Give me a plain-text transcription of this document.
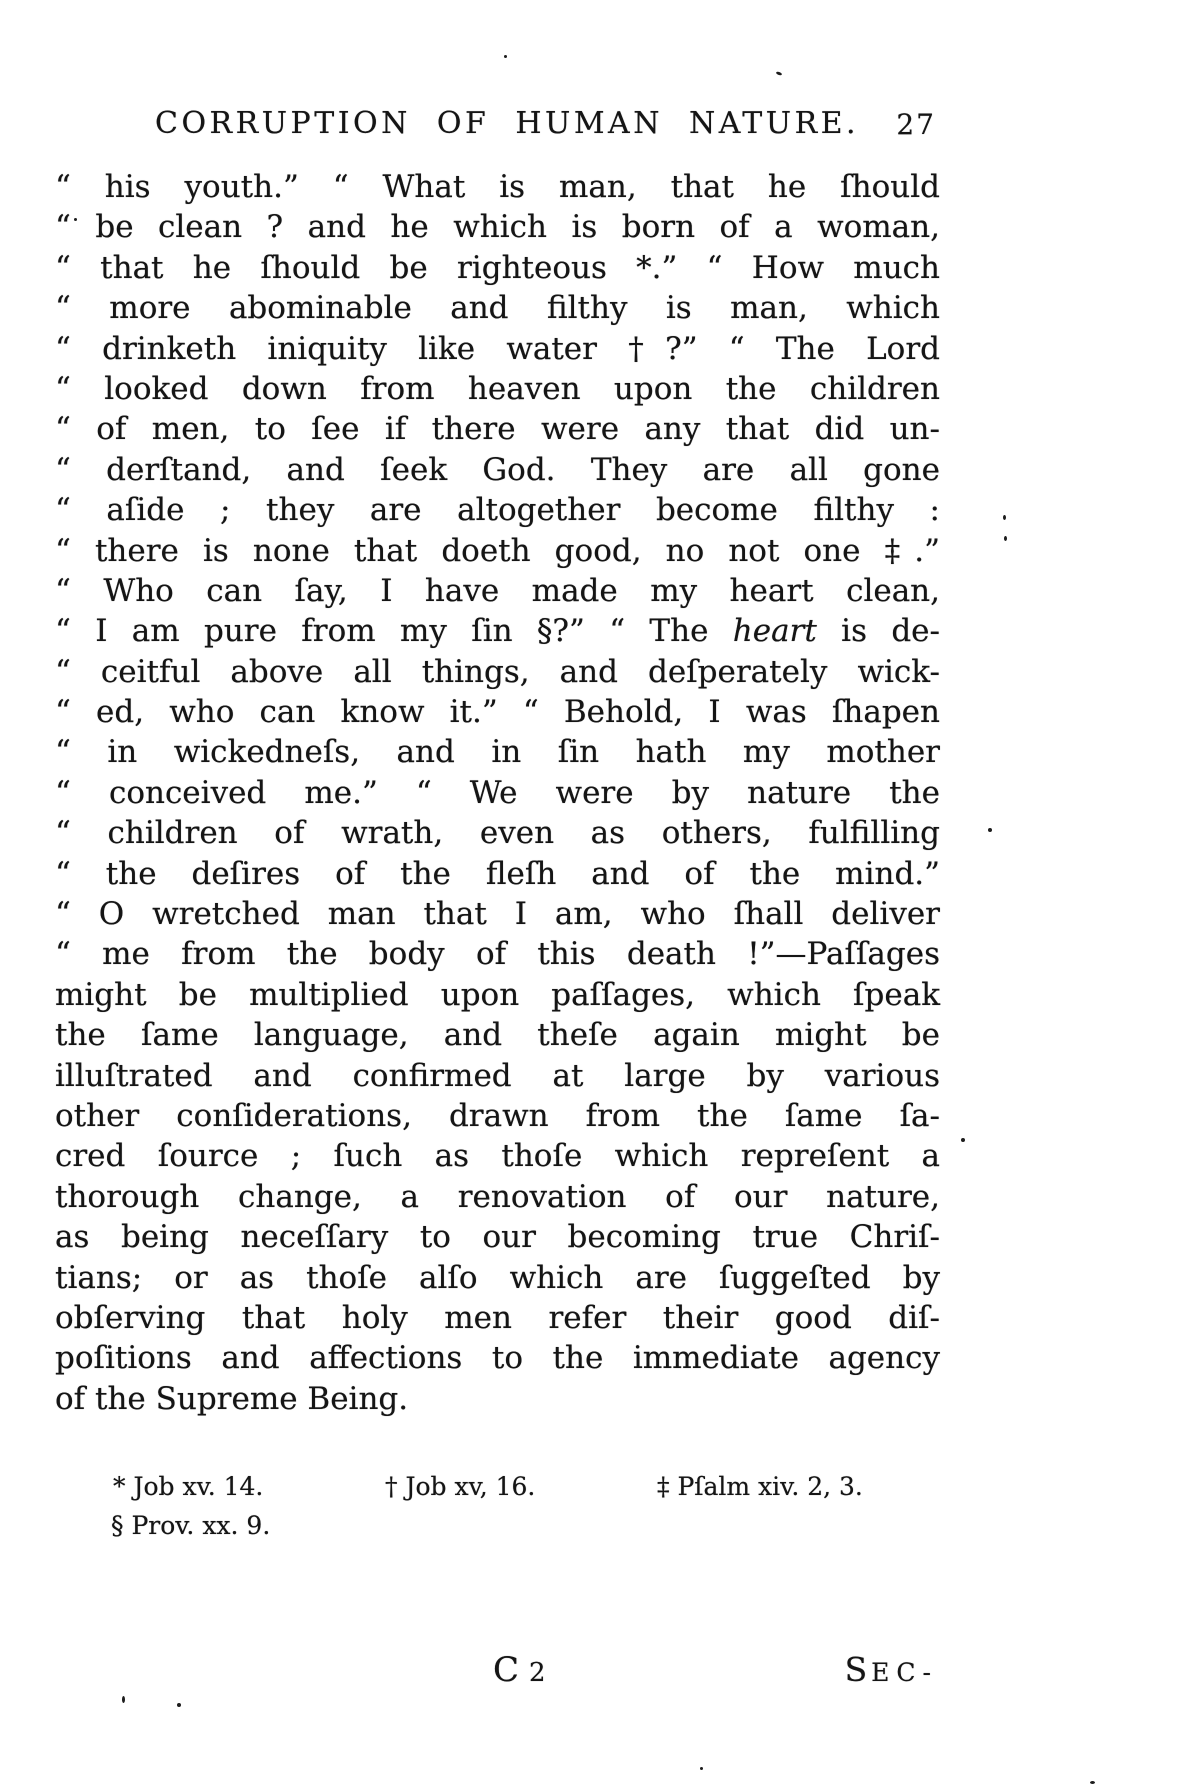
CORRUPTION OF HUMAN NATURE. 27
“ his youth.” “ What is man, that he ſhould
“ be clean ? and he which is born of a woman,
“ that he ſhould be righteous *.” “ How much
“ more abominable and filthy is man, which
“ drinketh iniquity like water †?” “ The Lord
“ looked down from heaven upon the children
“ of men, to ſee if there were any that did un-
“ derſtand, and ſeek God. They are all gone
“ aſide ; they are altogether become filthy :
“ there is none that doeth good, no not one ‡.”
“ Who can ſay, I have made my heart clean,
“ I am pure from my ſin §?” “ The heart is de-
“ ceitful above all things, and deſperately wick-
“ ed, who can know it.” “ Behold, I was ſhapen
“ in wickedneſs, and in ſin hath my mother
“ conceived me.” “ We were by nature the
“ children of wrath, even as others, fulfilling
“ the deſires of the fleſh and of the mind.”
“ O wretched man that I am, who ſhall deliver
“ me from the body of this death !”—Paſſages
might be multiplied upon paſſages, which ſpeak
the ſame language, and theſe again might be
illuſtrated and confirmed at large by various
other conſiderations, drawn from the ſame ſa-
cred ſource ; ſuch as thoſe which repreſent a
thorough change, a renovation of our nature,
as being neceſſary to our becoming true Chriſ-
tians; or as thoſe alſo which are ſuggeſted by
obſerving that holy men refer their good diſ-
poſitions and affections to the immediate agency
of the Supreme Being.
* Job xv. 14.	† Job xv, 16.	‡ Pſalm xiv. 2, 3.
§ Prov. xx. 9.
C 2	S EC-
